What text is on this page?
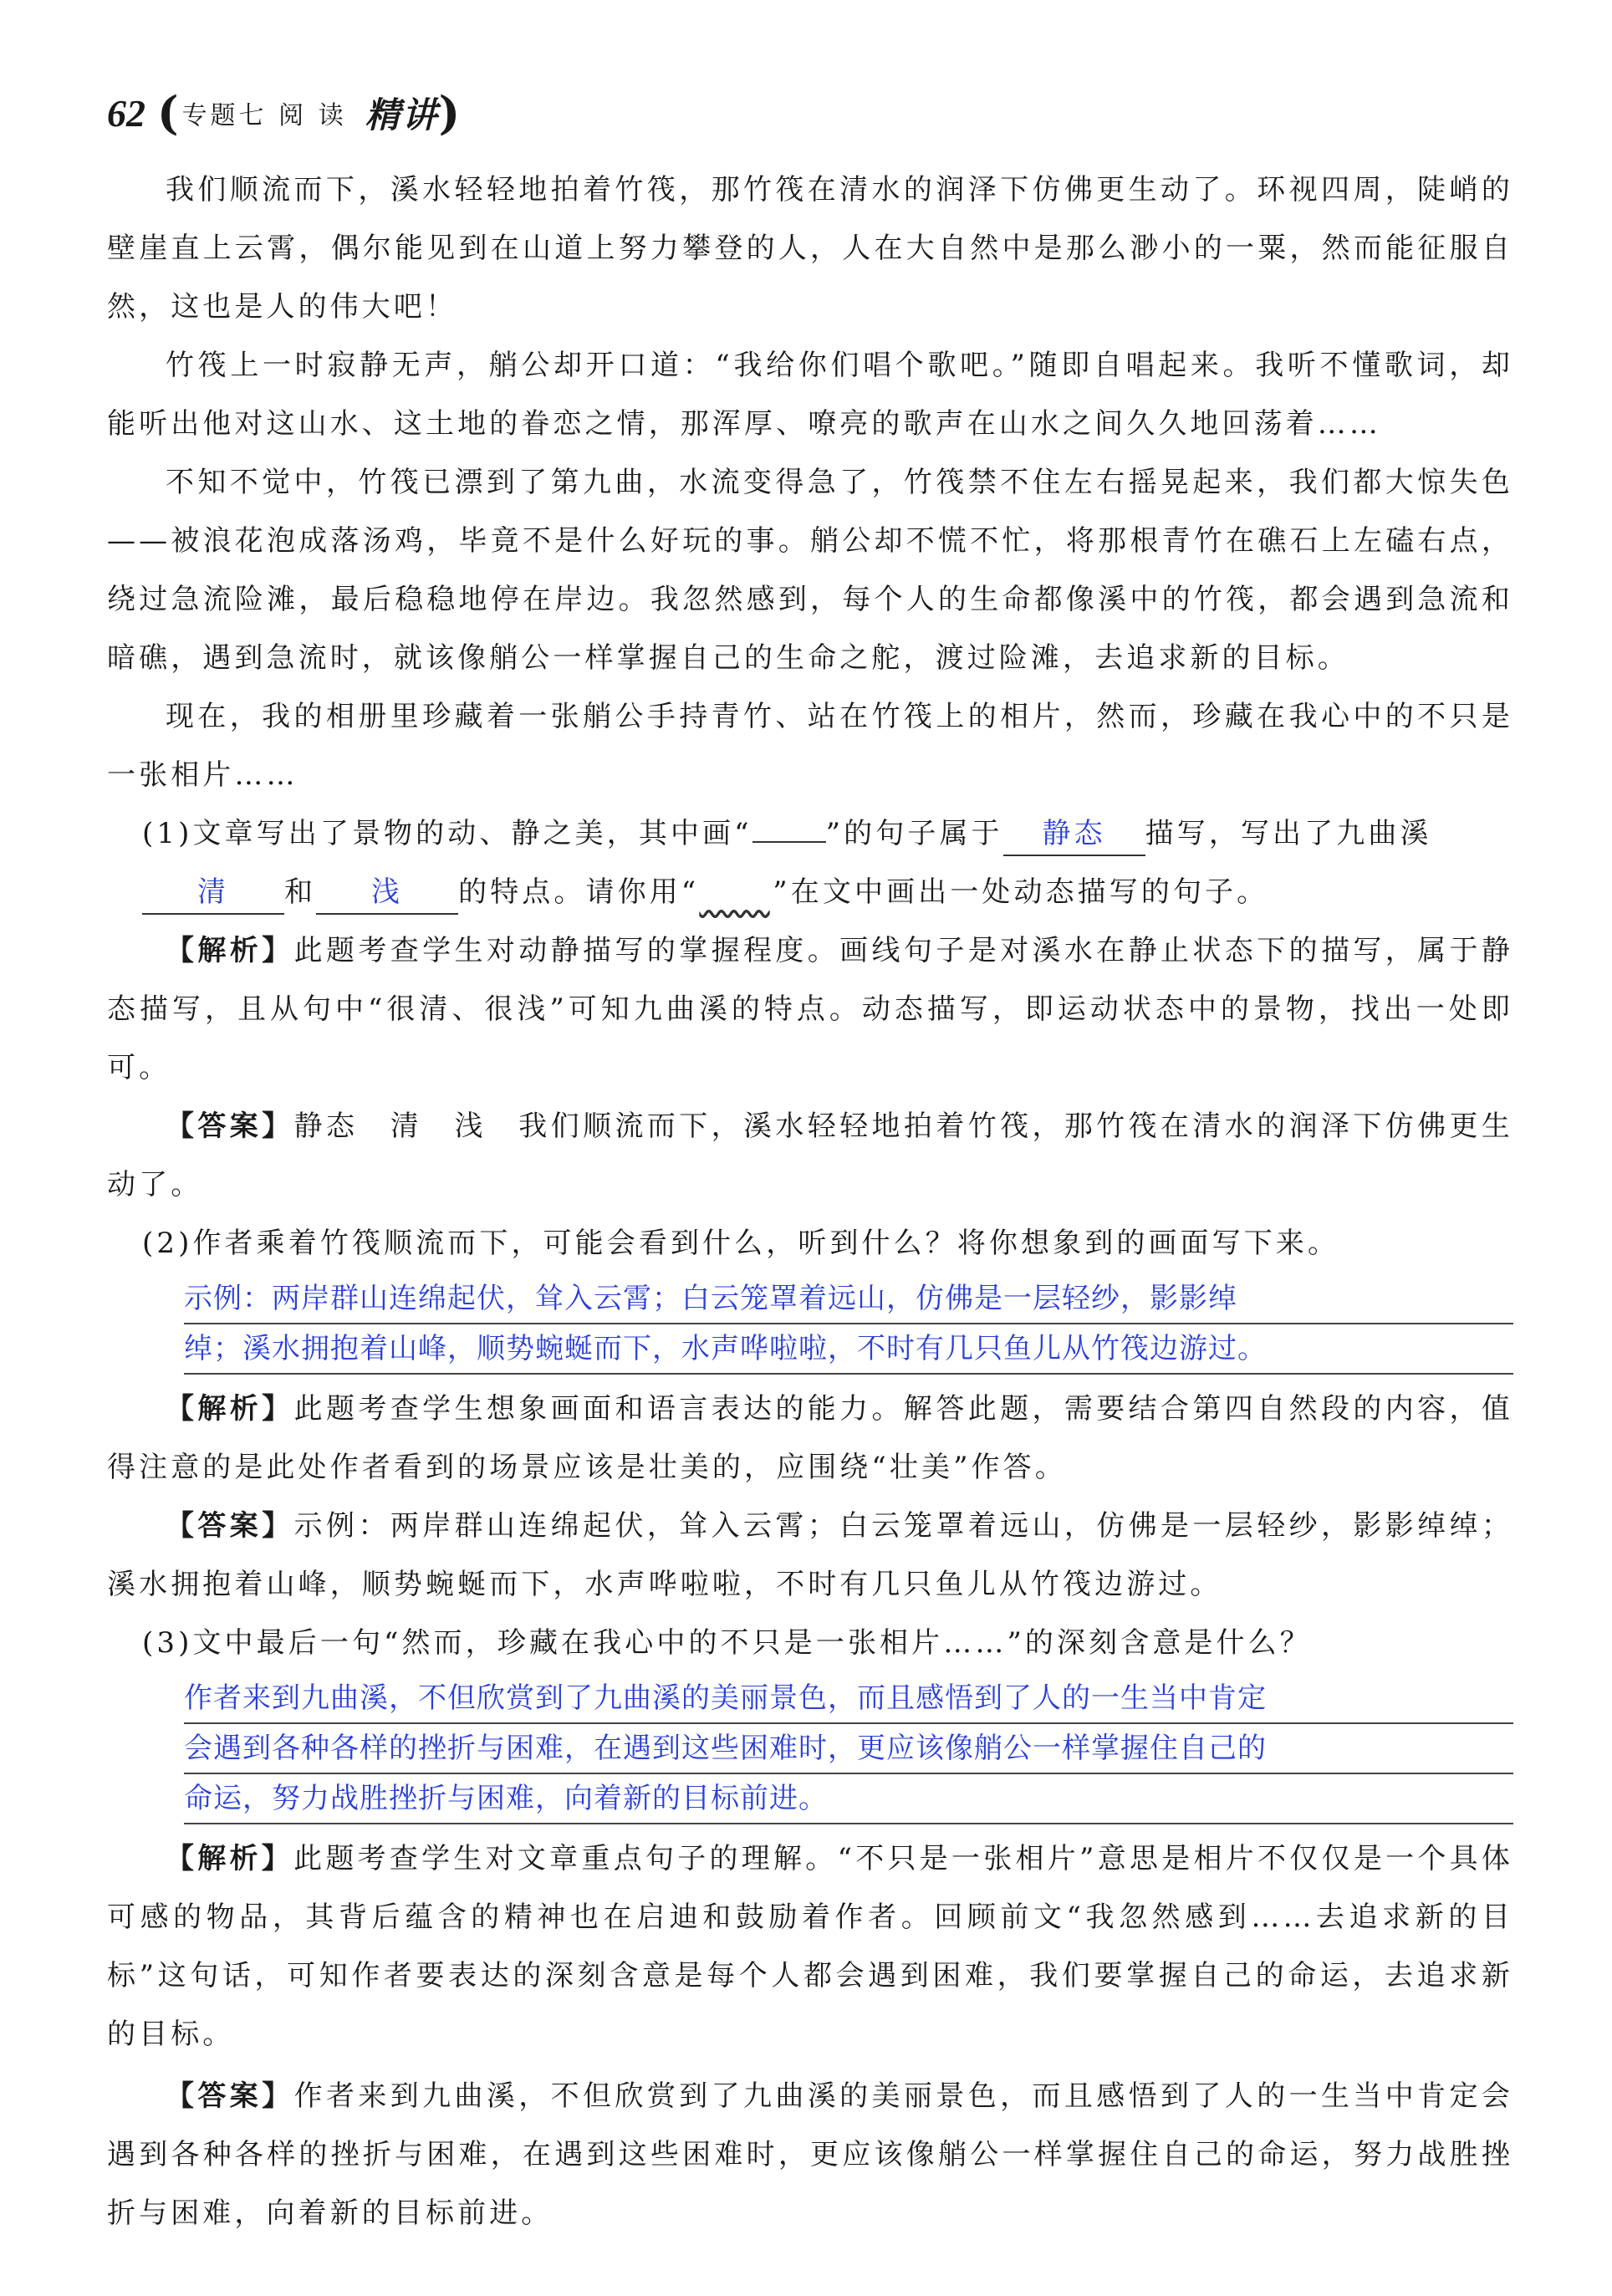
62 ( 专题七 阅 读 精讲 )

我们顺流而下，溪水轻轻地拍着竹筏，那竹筏在清水的润泽下仿佛更生动了。环视四周，陡峭的壁崖直上云霄，偶尔能见到在山道上努力攀登的人，人在大自然中是那么渺小的一粟，然而能征服自然，这也是人的伟大吧！

竹筏上一时寂静无声，艄公却开口道：“我给你们唱个歌吧。”随即自唱起来。我听不懂歌词，却能听出他对这山水、这土地的眷恋之情，那浑厚、嘹亮的歌声在山水之间久久地回荡着……

不知不觉中，竹筏已漂到了第九曲，水流变得急了，竹筏禁不住左右摇晃起来，我们都大惊失色——被浪花泡成落汤鸡，毕竟不是什么好玩的事。艄公却不慌不忙，将那根青竹在礁石上左磕右点，绕过急流险滩，最后稳稳地停在岸边。我忽然感到，每个人的生命都像溪中的竹筏，都会遇到急流和暗礁，遇到急流时，就该像艄公一样掌握自己的生命之舵，渡过险滩，去追求新的目标。

现在，我的相册里珍藏着一张艄公手持青竹、站在竹筏上的相片，然而，珍藏在我心中的不只是一张相片……

(1)文章写出了景物的动、静之美，其中画“	”的句子属于 静态 描写，写出了九曲溪
清 和 浅 的特点。请你用“	”在文中画出一处动态描写的句子。

【解析】此题考查学生对动静描写的掌握程度。画线句子是对溪水在静止状态下的描写，属于静态描写，且从句中“很清、很浅”可知九曲溪的特点。动态描写，即运动状态中的景物，找出一处即可。

【答案】静态　清　浅　我们顺流而下，溪水轻轻地拍着竹筏，那竹筏在清水的润泽下仿佛更生动了。

(2)作者乘着竹筏顺流而下，可能会看到什么，听到什么？将你想象到的画面写下来。

示例：两岸群山连绵起伏，耸入云霄；白云笼罩着远山，仿佛是一层轻纱，影影绰
绰；溪水拥抱着山峰，顺势蜿蜒而下，水声哗啦啦，不时有几只鱼儿从竹筏边游过。

【解析】此题考查学生想象画面和语言表达的能力。解答此题，需要结合第四自然段的内容，值得注意的是此处作者看到的场景应该是壮美的，应围绕“壮美”作答。

【答案】示例：两岸群山连绵起伏，耸入云霄；白云笼罩着远山，仿佛是一层轻纱，影影绰绰；溪水拥抱着山峰，顺势蜿蜒而下，水声哗啦啦，不时有几只鱼儿从竹筏边游过。

(3)文中最后一句“然而，珍藏在我心中的不只是一张相片……”的深刻含意是什么？

作者来到九曲溪，不但欣赏到了九曲溪的美丽景色，而且感悟到了人的一生当中肯定
会遇到各种各样的挫折与困难，在遇到这些困难时，更应该像艄公一样掌握住自己的
命运，努力战胜挫折与困难，向着新的目标前进。

【解析】此题考查学生对文章重点句子的理解。“不只是一张相片”意思是相片不仅仅是一个具体可感的物品，其背后蕴含的精神也在启迪和鼓励着作者。回顾前文“我忽然感到……去追求新的目标”这句话，可知作者要表达的深刻含意是每个人都会遇到困难，我们要掌握自己的命运，去追求新的目标。

【答案】作者来到九曲溪，不但欣赏到了九曲溪的美丽景色，而且感悟到了人的一生当中肯定会遇到各种各样的挫折与困难，在遇到这些困难时，更应该像艄公一样掌握住自己的命运，努力战胜挫折与困难，向着新的目标前进。
